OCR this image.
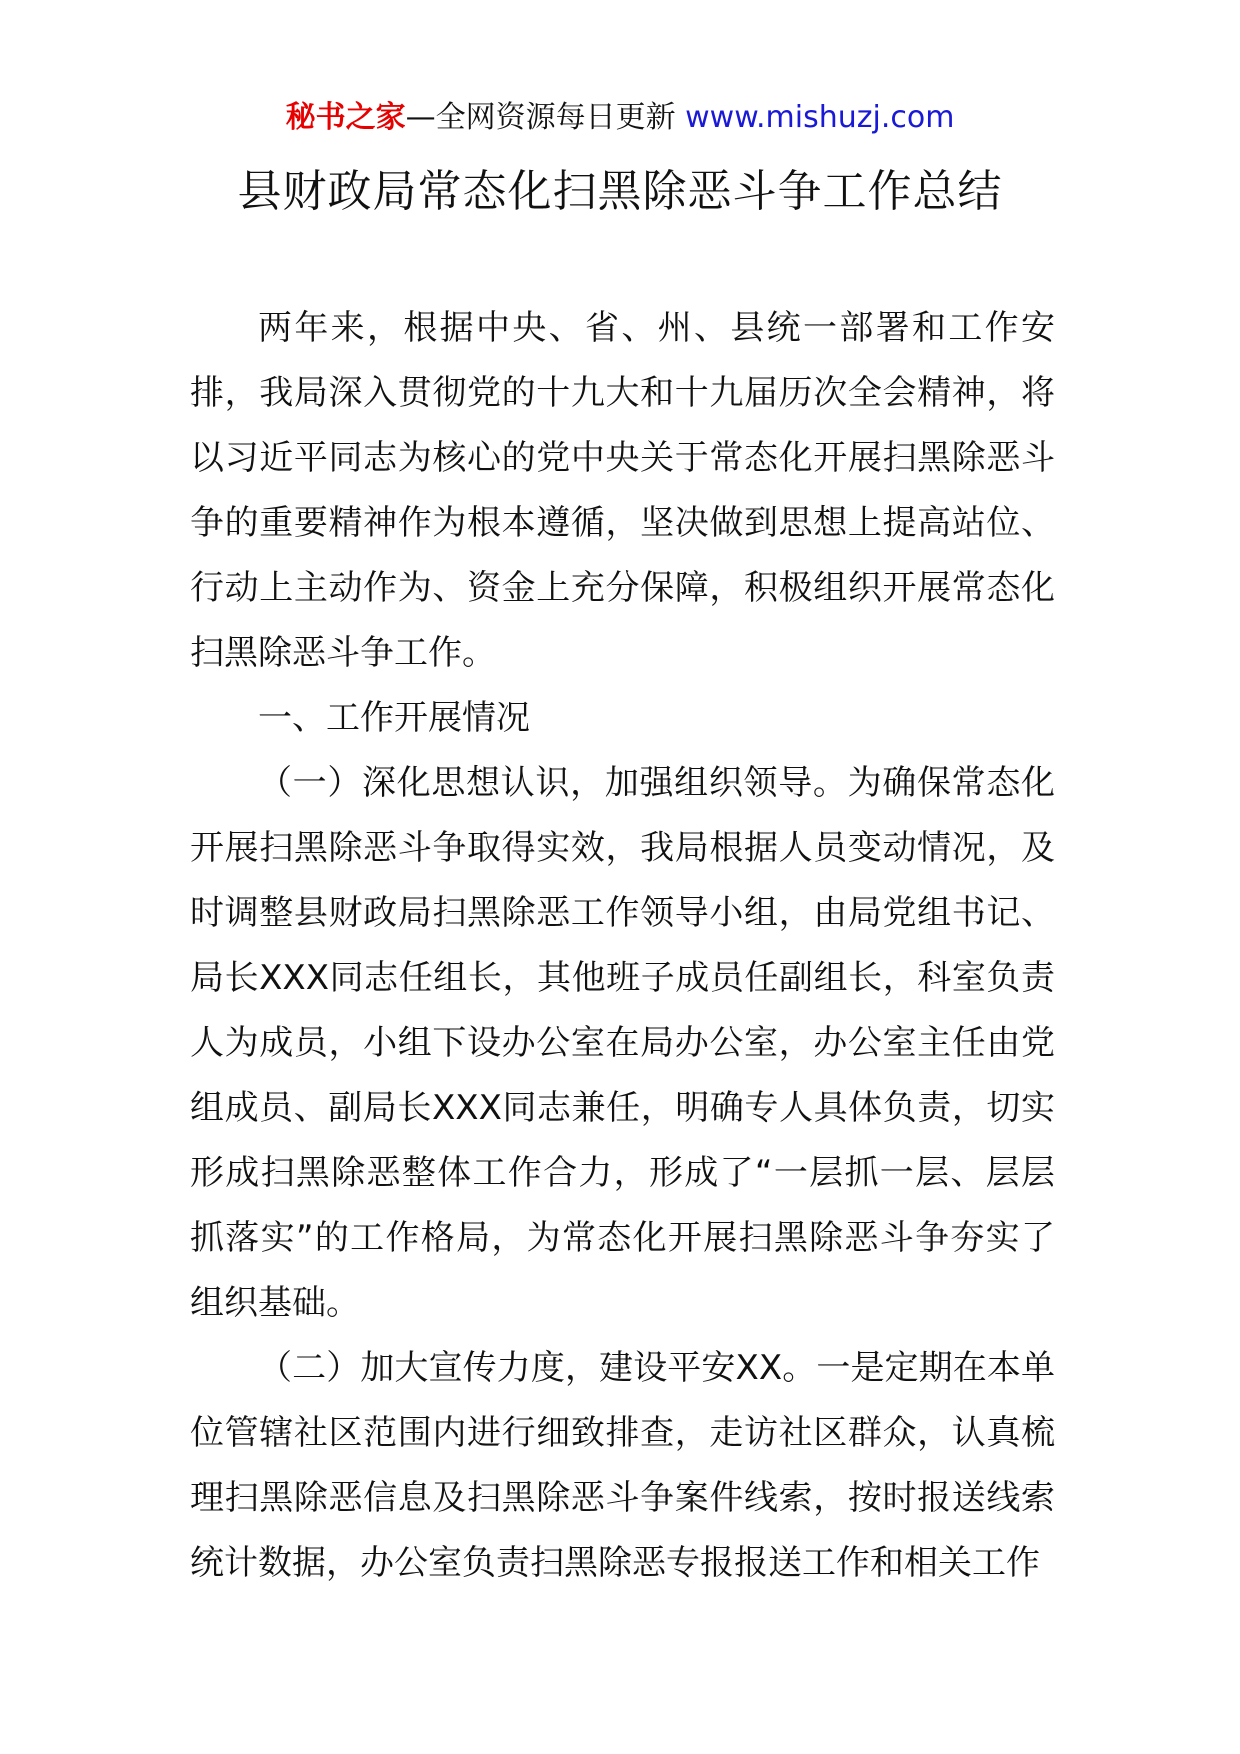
秘书之家—全网资源每日更新 www.mishuzj.com
县财政局常态化扫黑除恶斗争工作总结

两年来，根据中央、省、州、县统一部署和工作安排，我局深入贯彻党的十九大和十九届历次全会精神，将以习近平同志为核心的党中央关于常态化开展扫黑除恶斗争的重要精神作为根本遵循，坚决做到思想上提高站位、行动上主动作为、资金上充分保障，积极组织开展常态化扫黑除恶斗争工作。

一、工作开展情况

（一）深化思想认识，加强组织领导。为确保常态化开展扫黑除恶斗争取得实效，我局根据人员变动情况，及时调整县财政局扫黑除恶工作领导小组，由局党组书记、局长XXX同志任组长，其他班子成员任副组长，科室负责人为成员，小组下设办公室在局办公室，办公室主任由党组成员、副局长XXX同志兼任，明确专人具体负责，切实形成扫黑除恶整体工作合力，形成了“一层抓一层、层层抓落实”的工作格局，为常态化开展扫黑除恶斗争夯实了组织基础。

（二）加大宣传力度，建设平安XX。一是定期在本单位管辖社区范围内进行细致排查，走访社区群众，认真梳理扫黑除恶信息及扫黑除恶斗争案件线索，按时报送线索统计数据，办公室负责扫黑除恶专报报送工作和相关工作
